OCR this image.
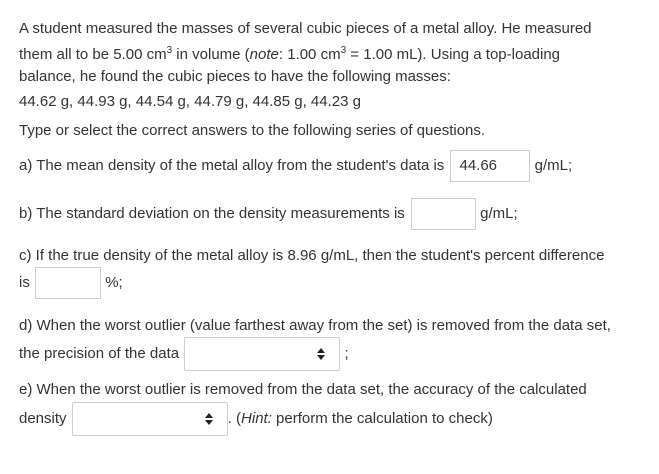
A student measured the masses of several cubic pieces of a metal alloy. He measured

them all to be 5.00 $cm^3$ in volume (note: 1.00 $cm^3 = 1.00$ mL). Using a top-loading

balance, he found the cubic pieces to have the following masses:

44.62 g, 44.93 g, 44.54 g, 44.79 g, 44.85 g, 44.23 g

Type or select the correct answers to the following series of questions.

a) The mean density of the metal alloy from the student's data is	44.66	g/mL;
b) The standard deviation on the density measurements is	g/mL;
c) If the true density of the metal alloy is 8.96 g/mL, then the student's percent difference
is	%;
d) When the worst outlier (value farthest away from the set) is removed from the data set,
the precision of the data	;
e) When the worst outlier is removed from the data set, the accuracy of the calculated
density	. (Hint: perform the calculation to check)
